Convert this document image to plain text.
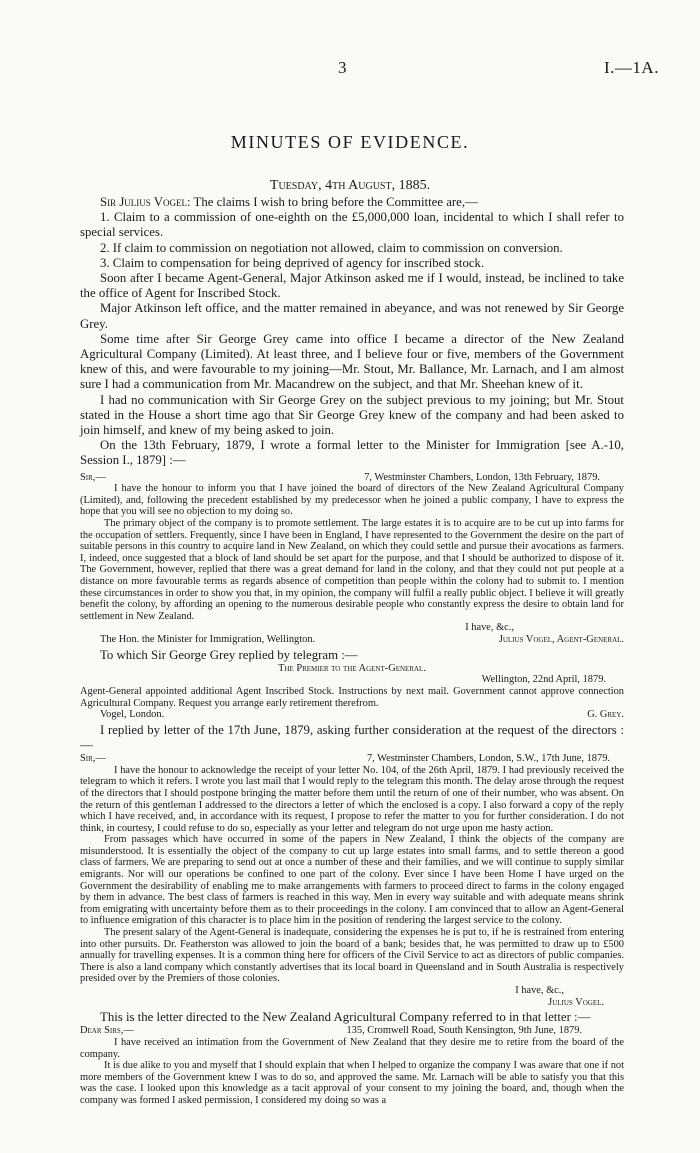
3	I.—1A.
MINUTES OF EVIDENCE.
Tuesday, 4th August, 1885.

Sir Julius Vogel: The claims I wish to bring before the Committee are,—

1. Claim to a commission of one-eighth on the £5,000,000 loan, incidental to which I shall refer to special services.

2. If claim to commission on negotiation not allowed, claim to commission on conversion.

3. Claim to compensation for being deprived of agency for inscribed stock.

Soon after I became Agent-General, Major Atkinson asked me if I would, instead, be inclined to take the office of Agent for Inscribed Stock.

Major Atkinson left office, and the matter remained in abeyance, and was not renewed by Sir George Grey.

Some time after Sir George Grey came into office I became a director of the New Zealand Agricultural Company (Limited). At least three, and I believe four or five, members of the Government knew of this, and were favourable to my joining—Mr. Stout, Mr. Ballance, Mr. Larnach, and I am almost sure I had a communication from Mr. Macandrew on the subject, and that Mr. Sheehan knew of it.

I had no communication with Sir George Grey on the subject previous to my joining; but Mr. Stout stated in the House a short time ago that Sir George Grey knew of the company and had been asked to join himself, and knew of my being asked to join.

On the 13th February, 1879, I wrote a formal letter to the Minister for Immigration [see A.-10, Session I., 1879] :—

Sir,—	7, Westminster Chambers, London, 13th February, 1879.

I have the honour to inform you that I have joined the board of directors of the New Zealand Agricultural Company (Limited), and, following the precedent established by my predecessor when he joined a public company, I have to express the hope that you will see no objection to my doing so.

The primary object of the company is to promote settlement. The large estates it is to acquire are to be cut up into farms for the occupation of settlers. Frequently, since I have been in England, I have represented to the Government the desire on the part of suitable persons in this country to acquire land in New Zealand, on which they could settle and pursue their avocations as farmers. I, indeed, once suggested that a block of land should be set apart for the purpose, and that I should be authorized to dispose of it. The Government, however, replied that there was a great demand for land in the colony, and that they could not put people at a distance on more favourable terms as regards absence of competition than people within the colony had to submit to. I mention these circumstances in order to show you that, in my opinion, the company will fulfil a really public object. I believe it will greatly benefit the colony, by affording an opening to the numerous desirable people who constantly express the desire to obtain land for settlement in New Zealand.

I have, &c.,
The Hon. the Minister for Immigration, Wellington.	Julius Vogel, Agent-General.

To which Sir George Grey replied by telegram :—

The Premier to the Agent-General.
Wellington, 22nd April, 1879.

Agent-General appointed additional Agent Inscribed Stock. Instructions by next mail. Government cannot approve connection Agricultural Company. Request you arrange early retirement therefrom.

Vogel, London.	G. Grey.

I replied by letter of the 17th June, 1879, asking further consideration at the request of the directors :—

Sir,—	7, Westminster Chambers, London, S.W., 17th June, 1879.

I have the honour to acknowledge the receipt of your letter No. 104, of the 26th April, 1879. I had previously received the telegram to which it refers. I wrote you last mail that I would reply to the telegram this month. The delay arose through the request of the directors that I should postpone bringing the matter before them until the return of one of their number, who was absent. On the return of this gentleman I addressed to the directors a letter of which the enclosed is a copy. I also forward a copy of the reply which I have received, and, in accordance with its request, I propose to refer the matter to you for further consideration. I do not think, in courtesy, I could refuse to do so, especially as your letter and telegram do not urge upon me hasty action.

From passages which have occurred in some of the papers in New Zealand, I think the objects of the company are misunderstood. It is essentially the object of the company to cut up large estates into small farms, and to settle thereon a good class of farmers. We are preparing to send out at once a number of these and their families, and we will continue to supply similar emigrants. Nor will our operations be confined to one part of the colony. Ever since I have been Home I have urged on the Government the desirability of enabling me to make arrangements with farmers to proceed direct to farms in the colony engaged by them in advance. The best class of farmers is reached in this way. Men in every way suitable and with adequate means shrink from emigrating with uncertainty before them as to their proceedings in the colony. I am convinced that to allow an Agent-General to influence emigration of this character is to place him in the position of rendering the largest service to the colony.

The present salary of the Agent-General is inadequate, considering the expenses he is put to, if he is restrained from entering into other pursuits. Dr. Featherston was allowed to join the board of a bank; besides that, he was permitted to draw up to £500 annually for travelling expenses. It is a common thing here for officers of the Civil Service to act as directors of public companies. There is also a land company which constantly advertises that its local board in Queensland and in South Australia is respectively presided over by the Premiers of those colonies.

I have, &c.,
Julius Vogel.

This is the letter directed to the New Zealand Agricultural Company referred to in that letter :—

Dear Sirs,—	135, Cromwell Road, South Kensington, 9th June, 1879.

I have received an intimation from the Government of New Zealand that they desire me to retire from the board of the company.

It is due alike to you and myself that I should explain that when I helped to organize the company I was aware that one if not more members of the Government knew I was to do so, and approved the same. Mr. Larnach will be able to satisfy you that this was the case. I looked upon this knowledge as a tacit approval of your consent to my joining the board, and, though when the company was formed I asked permission, I considered my doing so was a
